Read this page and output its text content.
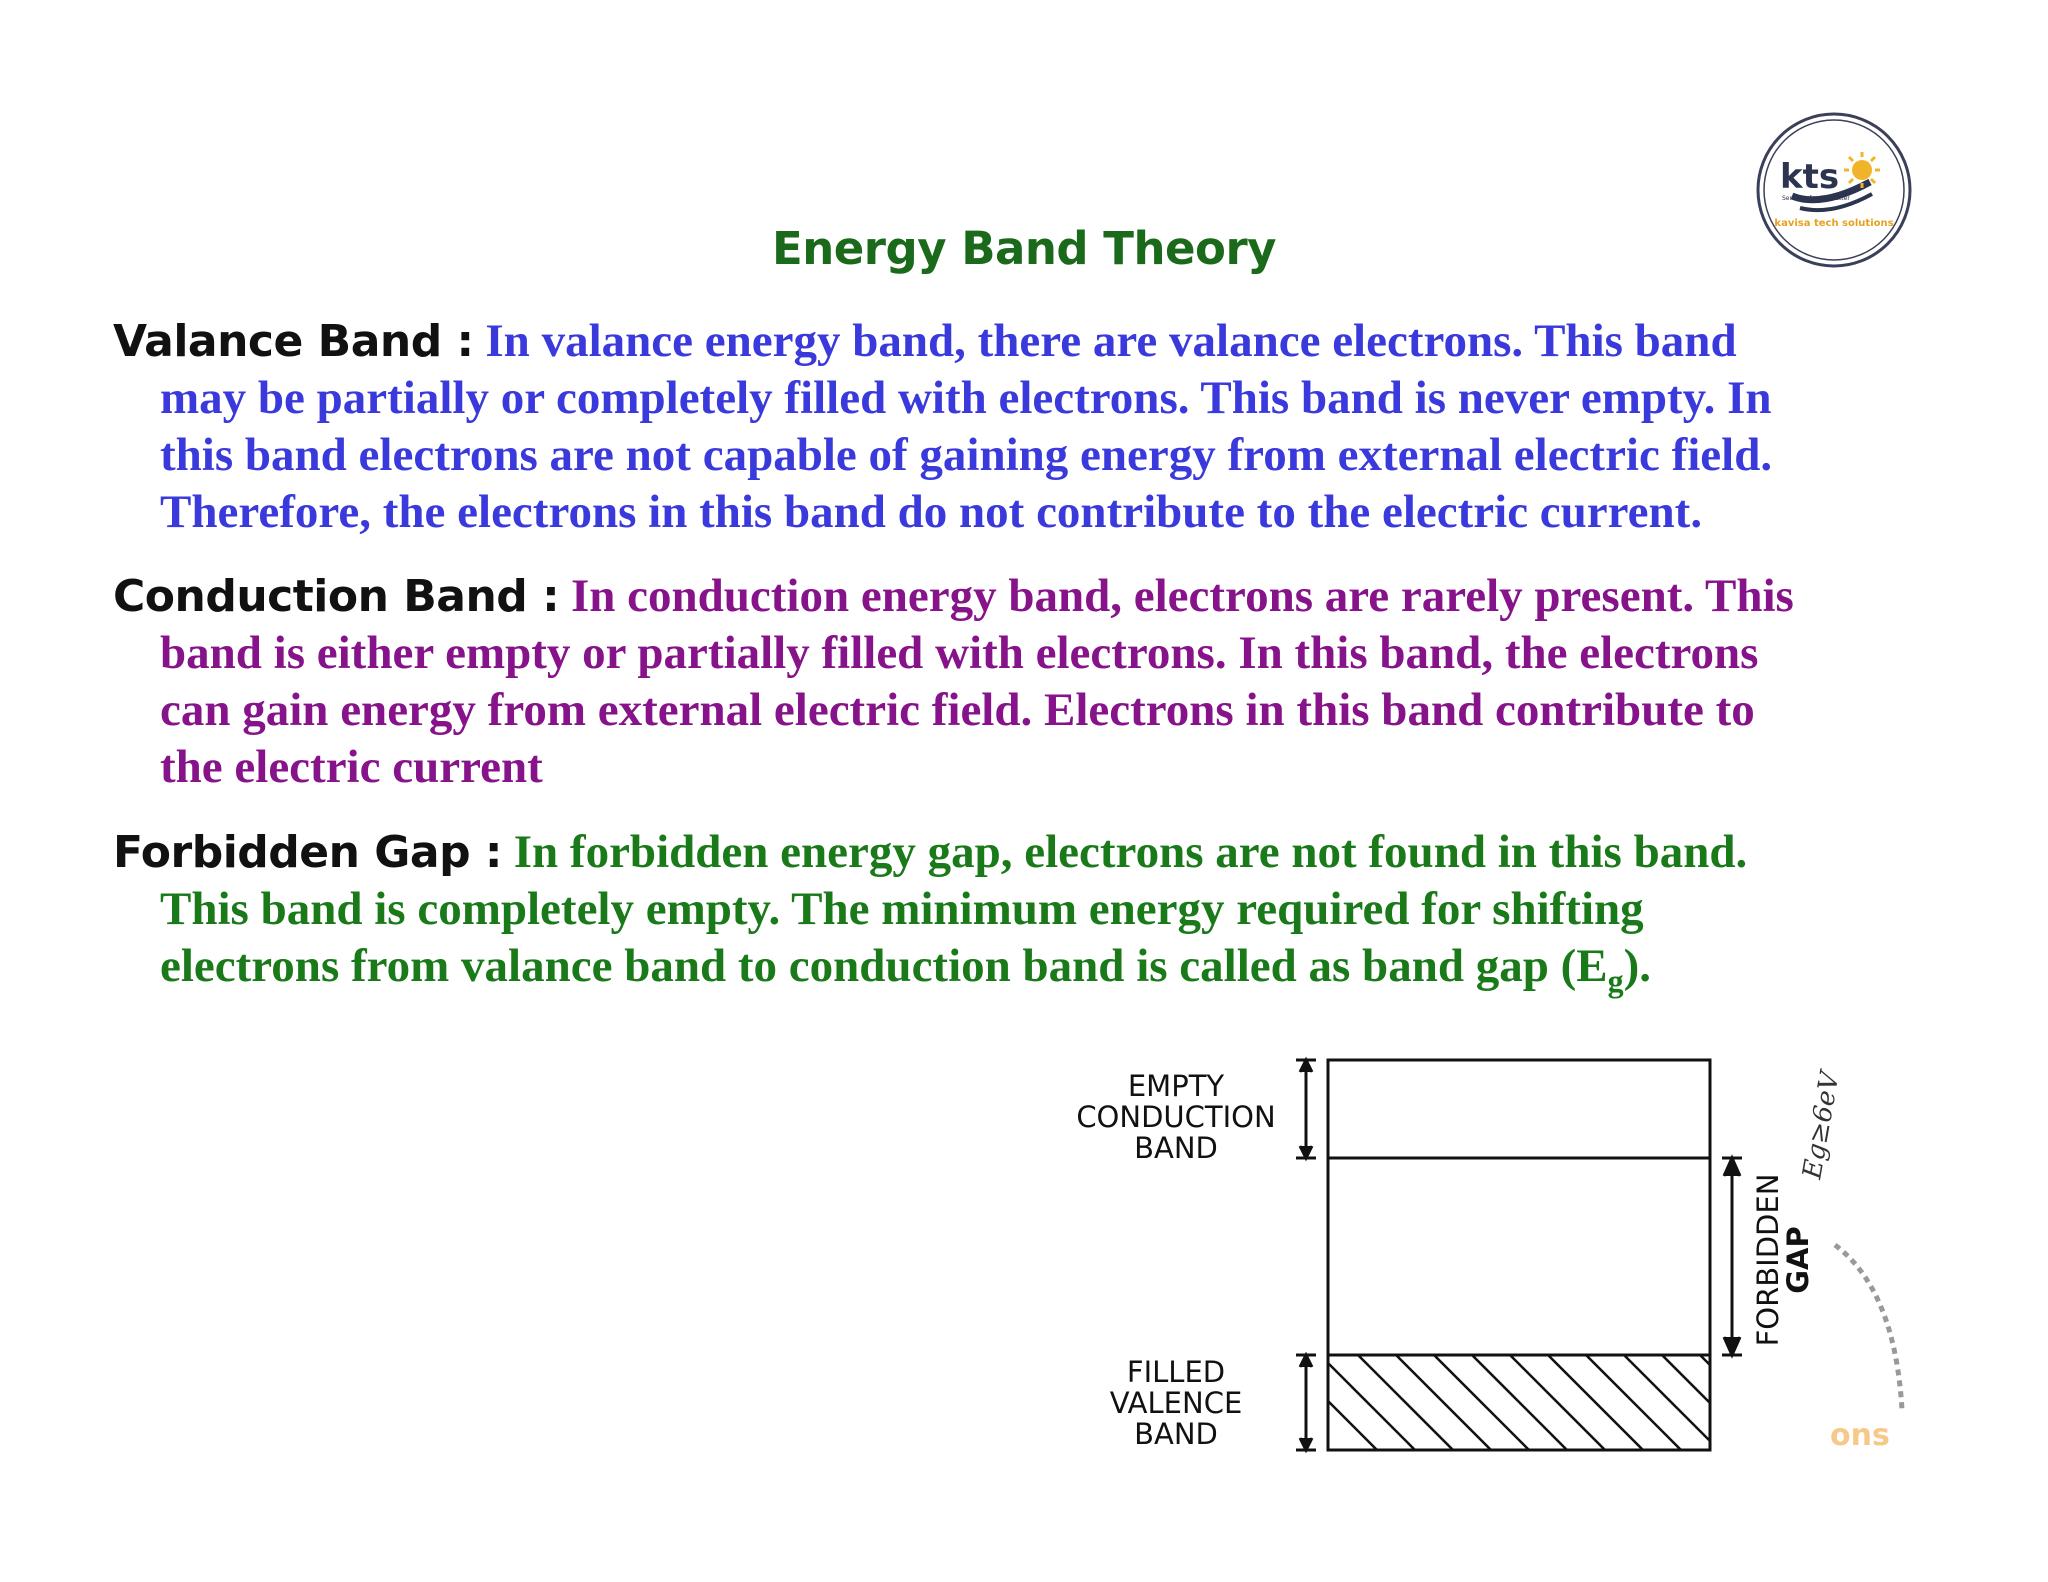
kts
Services for the Better
kavisa tech solutions
Energy Band Theory
Valance Band : In valance energy band, there are valance electrons. This band
may be partially or completely filled with electrons. This band is never empty. In
this band electrons are not capable of gaining energy from external electric field.
Therefore, the electrons in this band do not contribute to the electric current.
Conduction Band : In conduction energy band, electrons are rarely present. This
band is either empty or partially filled with electrons. In this band, the electrons
can gain energy from external electric field. Electrons in this band contribute to
the electric current
Forbidden Gap : In forbidden energy gap, electrons are not found in this band.
This band is completely empty. The minimum energy required for shifting
electrons from valance band to conduction band is called as band gap $(E_g)$.
EMPTY
CONDUCTION
BAND
FILLED
VALENCE
BAND
FORBIDDEN
GAP
Eg≥6eV
ons
